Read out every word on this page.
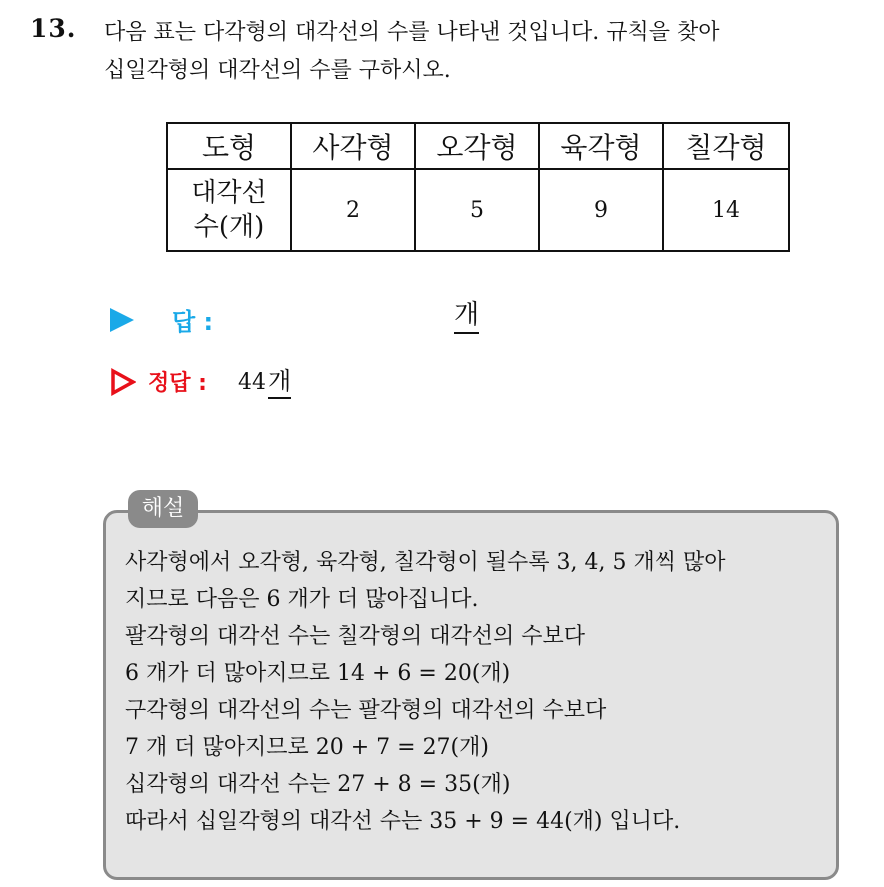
13. 다음 표는 다각형의 대각선의 수를 나타낸 것입니다. 규칙을 찾아
십일각형의 대각선의 수를 구하시오.
도형	사각형	오각형	육각형	칠각형

대각선
수(개)	2	5	9	14
답 :	개
정답 : 44개
해설
사각형에서 오각형, 육각형, 칠각형이 될수록 3, 4, 5 개씩 많아
지므로 다음은 6 개가 더 많아집니다.
팔각형의 대각선 수는 칠각형의 대각선의 수보다
6 개가 더 많아지므로 14 + 6 = 20(개)
구각형의 대각선의 수는 팔각형의 대각선의 수보다
7 개 더 많아지므로 20 + 7 = 27(개)
십각형의 대각선 수는 27 + 8 = 35(개)
따라서 십일각형의 대각선 수는 35 + 9 = 44(개) 입니다.
